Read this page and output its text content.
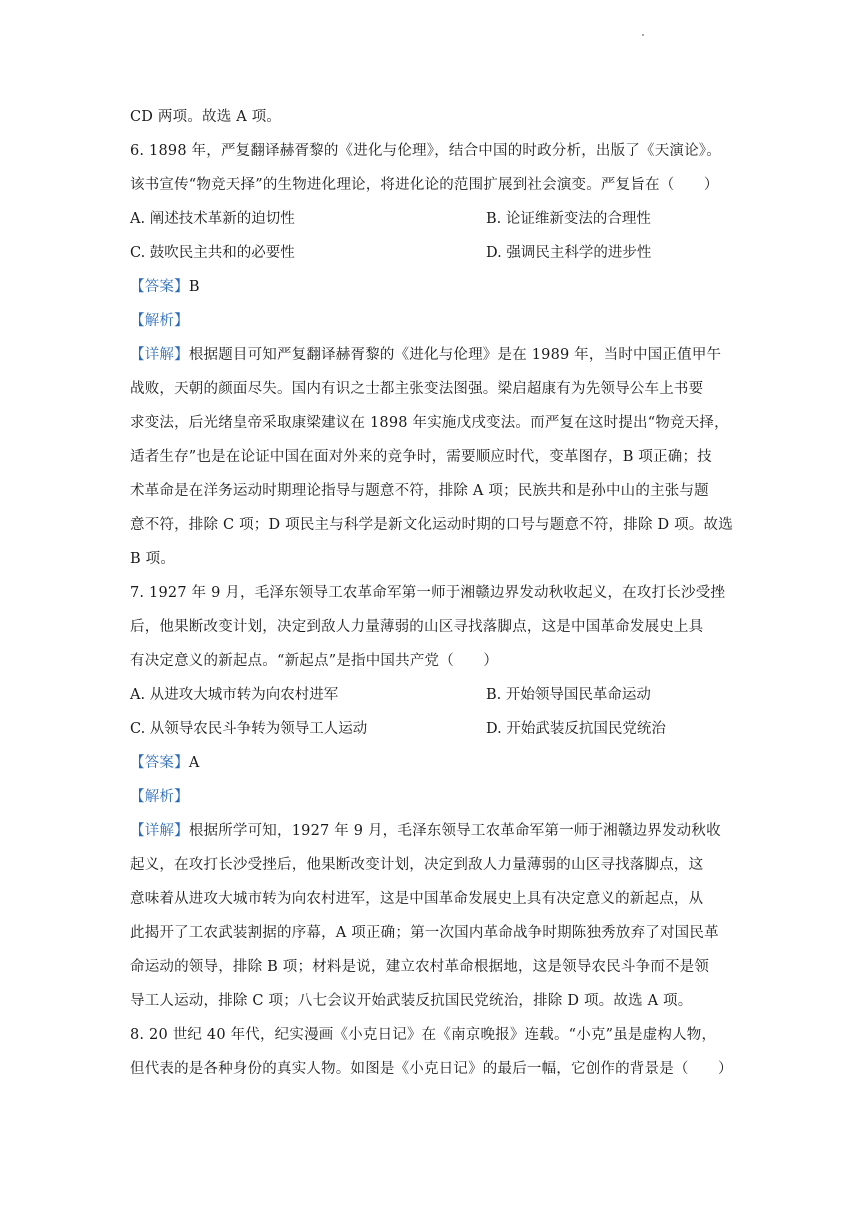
CD 两项。故选 A 项。
6. 1898 年，严复翻译赫胥黎的《进化与伦理》，结合中国的时政分析，出版了《天演论》。
该书宣传“物竞天择”的生物进化理论，将进化论的范围扩展到社会演变。严复旨在（　　）
A. 阐述技术革新的迫切性	B. 论证维新变法的合理性
C. 鼓吹民主共和的必要性	D. 强调民主科学的进步性
【答案】B
【解析】
【详解】根据题目可知严复翻译赫胥黎的《进化与伦理》是在 1989 年，当时中国正值甲午
战败，天朝的颜面尽失。国内有识之士都主张变法图强。梁启超康有为先领导公车上书要
求变法，后光绪皇帝采取康梁建议在 1898 年实施戊戌变法。而严复在这时提出“物竞天择，
适者生存”也是在论证中国在面对外来的竞争时，需要顺应时代，变革图存，B 项正确；技
术革命是在洋务运动时期理论指导与题意不符，排除 A 项；民族共和是孙中山的主张与题
意不符，排除 C 项；D 项民主与科学是新文化运动时期的口号与题意不符，排除 D 项。故选
B 项。
7. 1927 年 9 月，毛泽东领导工农革命军第一师于湘赣边界发动秋收起义，在攻打长沙受挫
后，他果断改变计划，决定到敌人力量薄弱的山区寻找落脚点，这是中国革命发展史上具
有决定意义的新起点。“新起点”是指中国共产党（　　）
A. 从进攻大城市转为向农村进军	B. 开始领导国民革命运动
C. 从领导农民斗争转为领导工人运动	D. 开始武装反抗国民党统治
【答案】A
【解析】
【详解】根据所学可知，1927 年 9 月，毛泽东领导工农革命军第一师于湘赣边界发动秋收
起义，在攻打长沙受挫后，他果断改变计划，决定到敌人力量薄弱的山区寻找落脚点，这
意味着从进攻大城市转为向农村进军，这是中国革命发展史上具有决定意义的新起点，从
此揭开了工农武装割据的序幕，A 项正确；第一次国内革命战争时期陈独秀放弃了对国民革
命运动的领导，排除 B 项；材料是说，建立农村革命根据地，这是领导农民斗争而不是领
导工人运动，排除 C 项；八七会议开始武装反抗国民党统治，排除 D 项。故选 A 项。
8. 20 世纪 40 年代，纪实漫画《小克日记》在《南京晚报》连载。“小克”虽是虚构人物，
但代表的是各种身份的真实人物。如图是《小克日记》的最后一幅，它创作的背景是（　　）
